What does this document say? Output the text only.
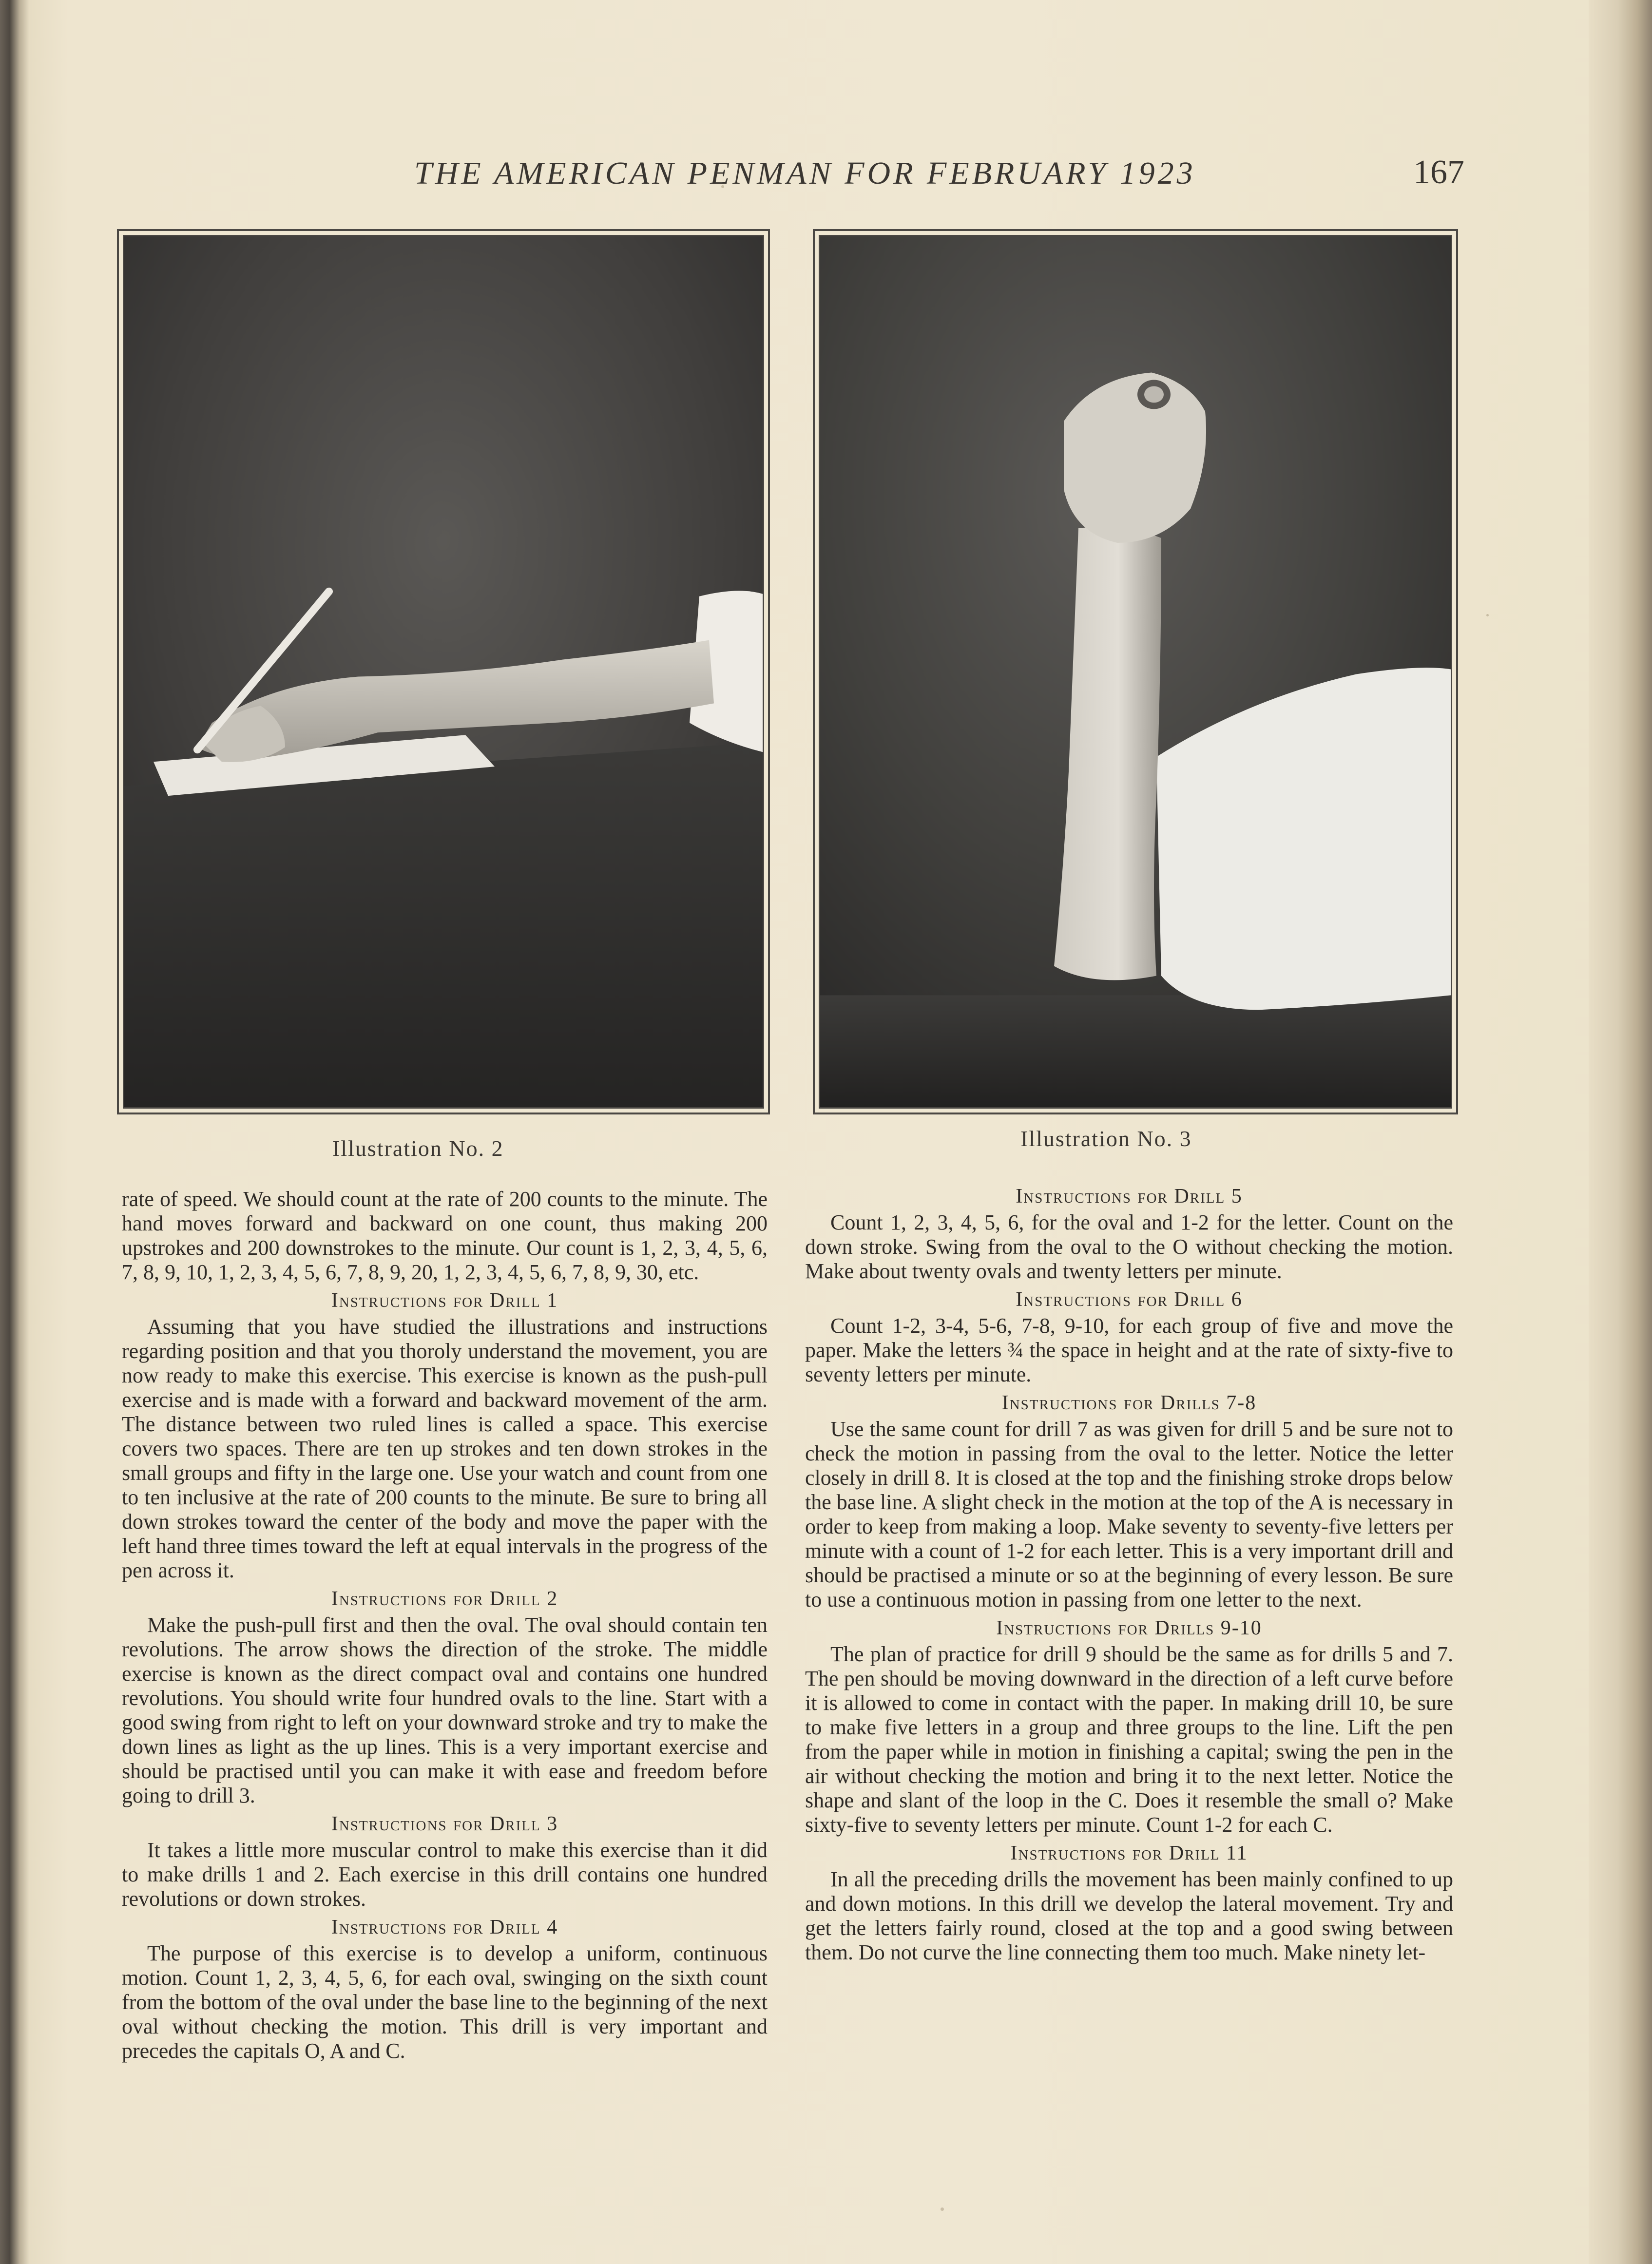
THE AMERICAN PENMAN FOR FEBRUARY 1923	167
Illustration No. 2	Illustration No. 3

rate of speed. We should count at the rate of 200 counts to the minute. The hand moves forward and backward on one count, thus making 200 upstrokes and 200 downstrokes to the minute. Our count is 1, 2, 3, 4, 5, 6, 7, 8, 9, 10, 1, 2, 3, 4, 5, 6, 7, 8, 9, 20, 1, 2, 3, 4, 5, 6, 7, 8, 9, 30, etc.

Instructions for Drill 1

Assuming that you have studied the illustrations and instructions regarding position and that you thoroly understand the movement, you are now ready to make this exercise. This exercise is known as the push-pull exercise and is made with a forward and backward movement of the arm. The distance between two ruled lines is called a space. This exercise covers two spaces. There are ten up strokes and ten down strokes in the small groups and fifty in the large one. Use your watch and count from one to ten inclusive at the rate of 200 counts to the minute. Be sure to bring all down strokes toward the center of the body and move the paper with the left hand three times toward the left at equal intervals in the progress of the pen across it.

Instructions for Drill 2

Make the push-pull first and then the oval. The oval should contain ten revolutions. The arrow shows the direction of the stroke. The middle exercise is known as the direct compact oval and contains one hundred revolutions. You should write four hundred ovals to the line. Start with a good swing from right to left on your downward stroke and try to make the down lines as light as the up lines. This is a very important exercise and should be practised until you can make it with ease and freedom before going to drill 3.

Instructions for Drill 3

It takes a little more muscular control to make this exercise than it did to make drills 1 and 2. Each exercise in this drill contains one hundred revolutions or down strokes.

Instructions for Drill 4

The purpose of this exercise is to develop a uniform, continuous motion. Count 1, 2, 3, 4, 5, 6, for each oval, swinging on the sixth count from the bottom of the oval under the base line to the beginning of the next oval without checking the motion. This drill is very important and precedes the capitals O, A and C.

Instructions for Drill 5

Count 1, 2, 3, 4, 5, 6, for the oval and 1-2 for the letter. Count on the down stroke. Swing from the oval to the O without checking the motion. Make about twenty ovals and twenty letters per minute.

Instructions for Drill 6

Count 1-2, 3-4, 5-6, 7-8, 9-10, for each group of five and move the paper. Make the letters ¾ the space in height and at the rate of sixty-five to seventy letters per minute.

Instructions for Drills 7-8

Use the same count for drill 7 as was given for drill 5 and be sure not to check the motion in passing from the oval to the letter. Notice the letter closely in drill 8. It is closed at the top and the finishing stroke drops below the base line. A slight check in the motion at the top of the A is necessary in order to keep from making a loop. Make seventy to seventy-five letters per minute with a count of 1-2 for each letter. This is a very important drill and should be practised a minute or so at the beginning of every lesson. Be sure to use a continuous motion in passing from one letter to the next.

Instructions for Drills 9-10

The plan of practice for drill 9 should be the same as for drills 5 and 7. The pen should be moving downward in the direction of a left curve before it is allowed to come in contact with the paper. In making drill 10, be sure to make five letters in a group and three groups to the line. Lift the pen from the paper while in motion in finishing a capital; swing the pen in the air without checking the motion and bring it to the next letter. Notice the shape and slant of the loop in the C. Does it resemble the small o? Make sixty-five to seventy letters per minute. Count 1-2 for each C.

Instructions for Drill 11

In all the preceding drills the movement has been mainly confined to up and down motions. In this drill we develop the lateral movement. Try and get the letters fairly round, closed at the top and a good swing between them. Do not curve the line connecting them too much. Make ninety let-
